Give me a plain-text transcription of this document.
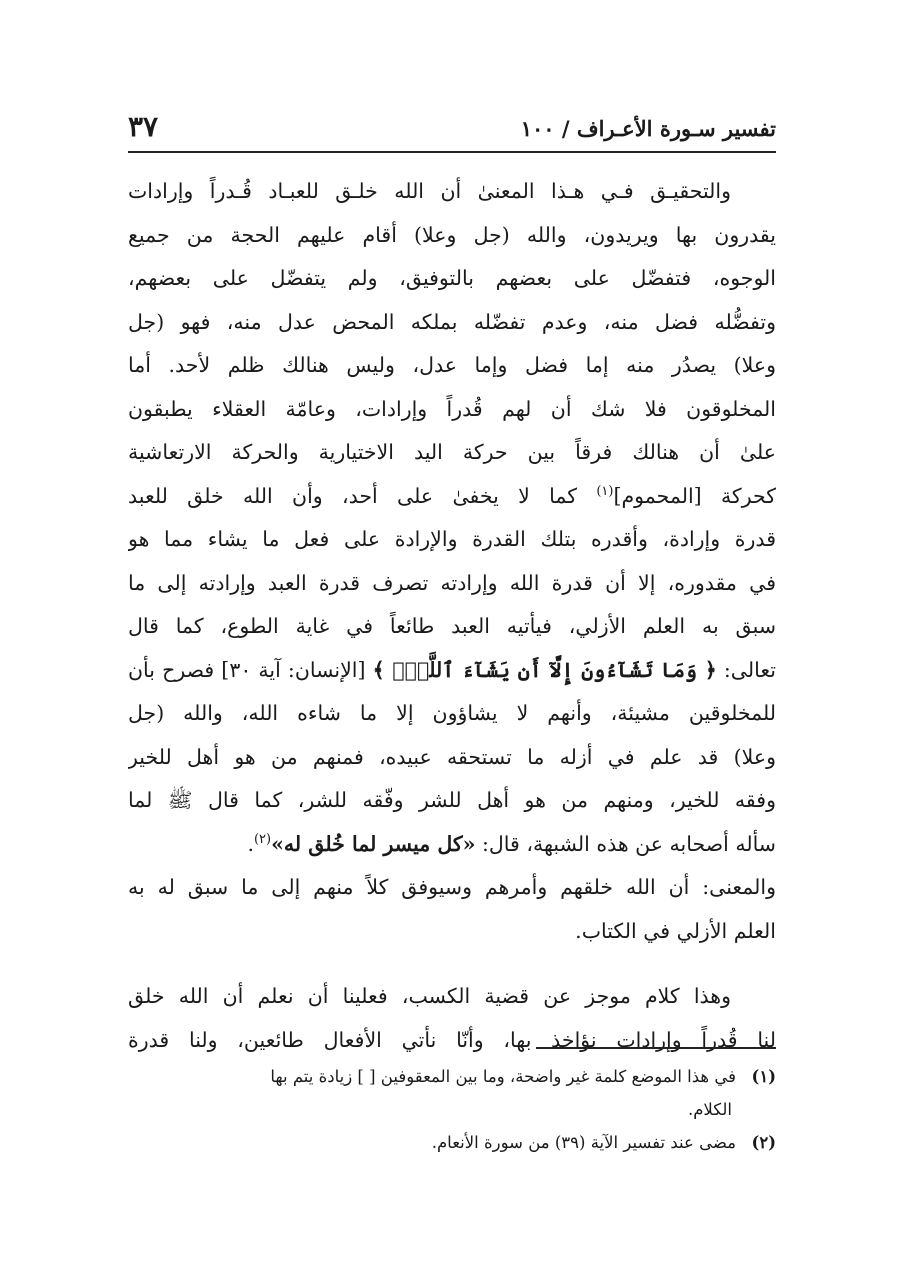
تفسير سـورة الأعـراف / ١٠٠
٣٧
والتحقيـق فـي هـذا المعنىٰ أن الله خلـق للعبـاد قُـدراً وإرادات
يقدرون بها ويريدون، والله (جل وعلا) أقام عليهم الحجة من جميع
الوجوه، فتفضّل على بعضهم بالتوفيق، ولم يتفضّل على بعضهم،
وتفضُّله فضل منه، وعدم تفضّله بملكه المحض عدل منه، فهو (جل
وعلا) يصدُر منه إما فضل وإما عدل، وليس هنالك ظلم لأحد. أما
المخلوقون فلا شك أن لهم قُدراً وإرادات، وعامّة العقلاء يطبقون
علىٰ أن هنالك فرقاً بين حركة اليد الاختيارية والحركة الارتعاشية
كحركة [المحموم]$^{(١)}$ كما لا يخفىٰ على أحد، وأن الله خلق للعبد
قدرة وإرادة، وأقدره بتلك القدرة والإرادة على فعل ما يشاء مما هو
في مقدوره، إلا أن قدرة الله وإرادته تصرف قدرة العبد وإرادته إلى ما
سبق به العلم الأزلي، فيأتيه العبد طائعاً في غاية الطوع، كما قال
تعالى: ﴿ وَمَا تَشَآءُونَ إِلَّآ أَن يَشَآءَ ٱللَّهُۚ ﴾ [الإنسان: آية ٣٠] فصرح بأن
للمخلوقين مشيئة، وأنهم لا يشاؤون إلا ما شاءه الله، والله (جل
وعلا) قد علم في أزله ما تستحقه عبيده، فمنهم من هو أهل للخير
وفقه للخير، ومنهم من هو أهل للشر وفّقه للشر، كما قال ﷺ لما
سأله أصحابه عن هذه الشبهة، قال: «كل ميسر لما خُلق له»$^{(٢)}$.
والمعنى: أن الله خلقهم وأمرهم وسيوفق كلاً منهم إلى ما سبق له به
العلم الأزلي في الكتاب.
وهذا كلام موجز عن قضية الكسب، فعلينا أن نعلم أن الله خلق
لنا قُدراً وإرادات نؤاخذ بها، وأنّا نأتي الأفعال طائعين، ولنا قدرة
(١)في هذا الموضع كلمة غير واضحة، وما بين المعقوفين [ ] زيادة يتم بها
الكلام.
(٢)مضى عند تفسير الآية (٣٩) من سورة الأنعام.
